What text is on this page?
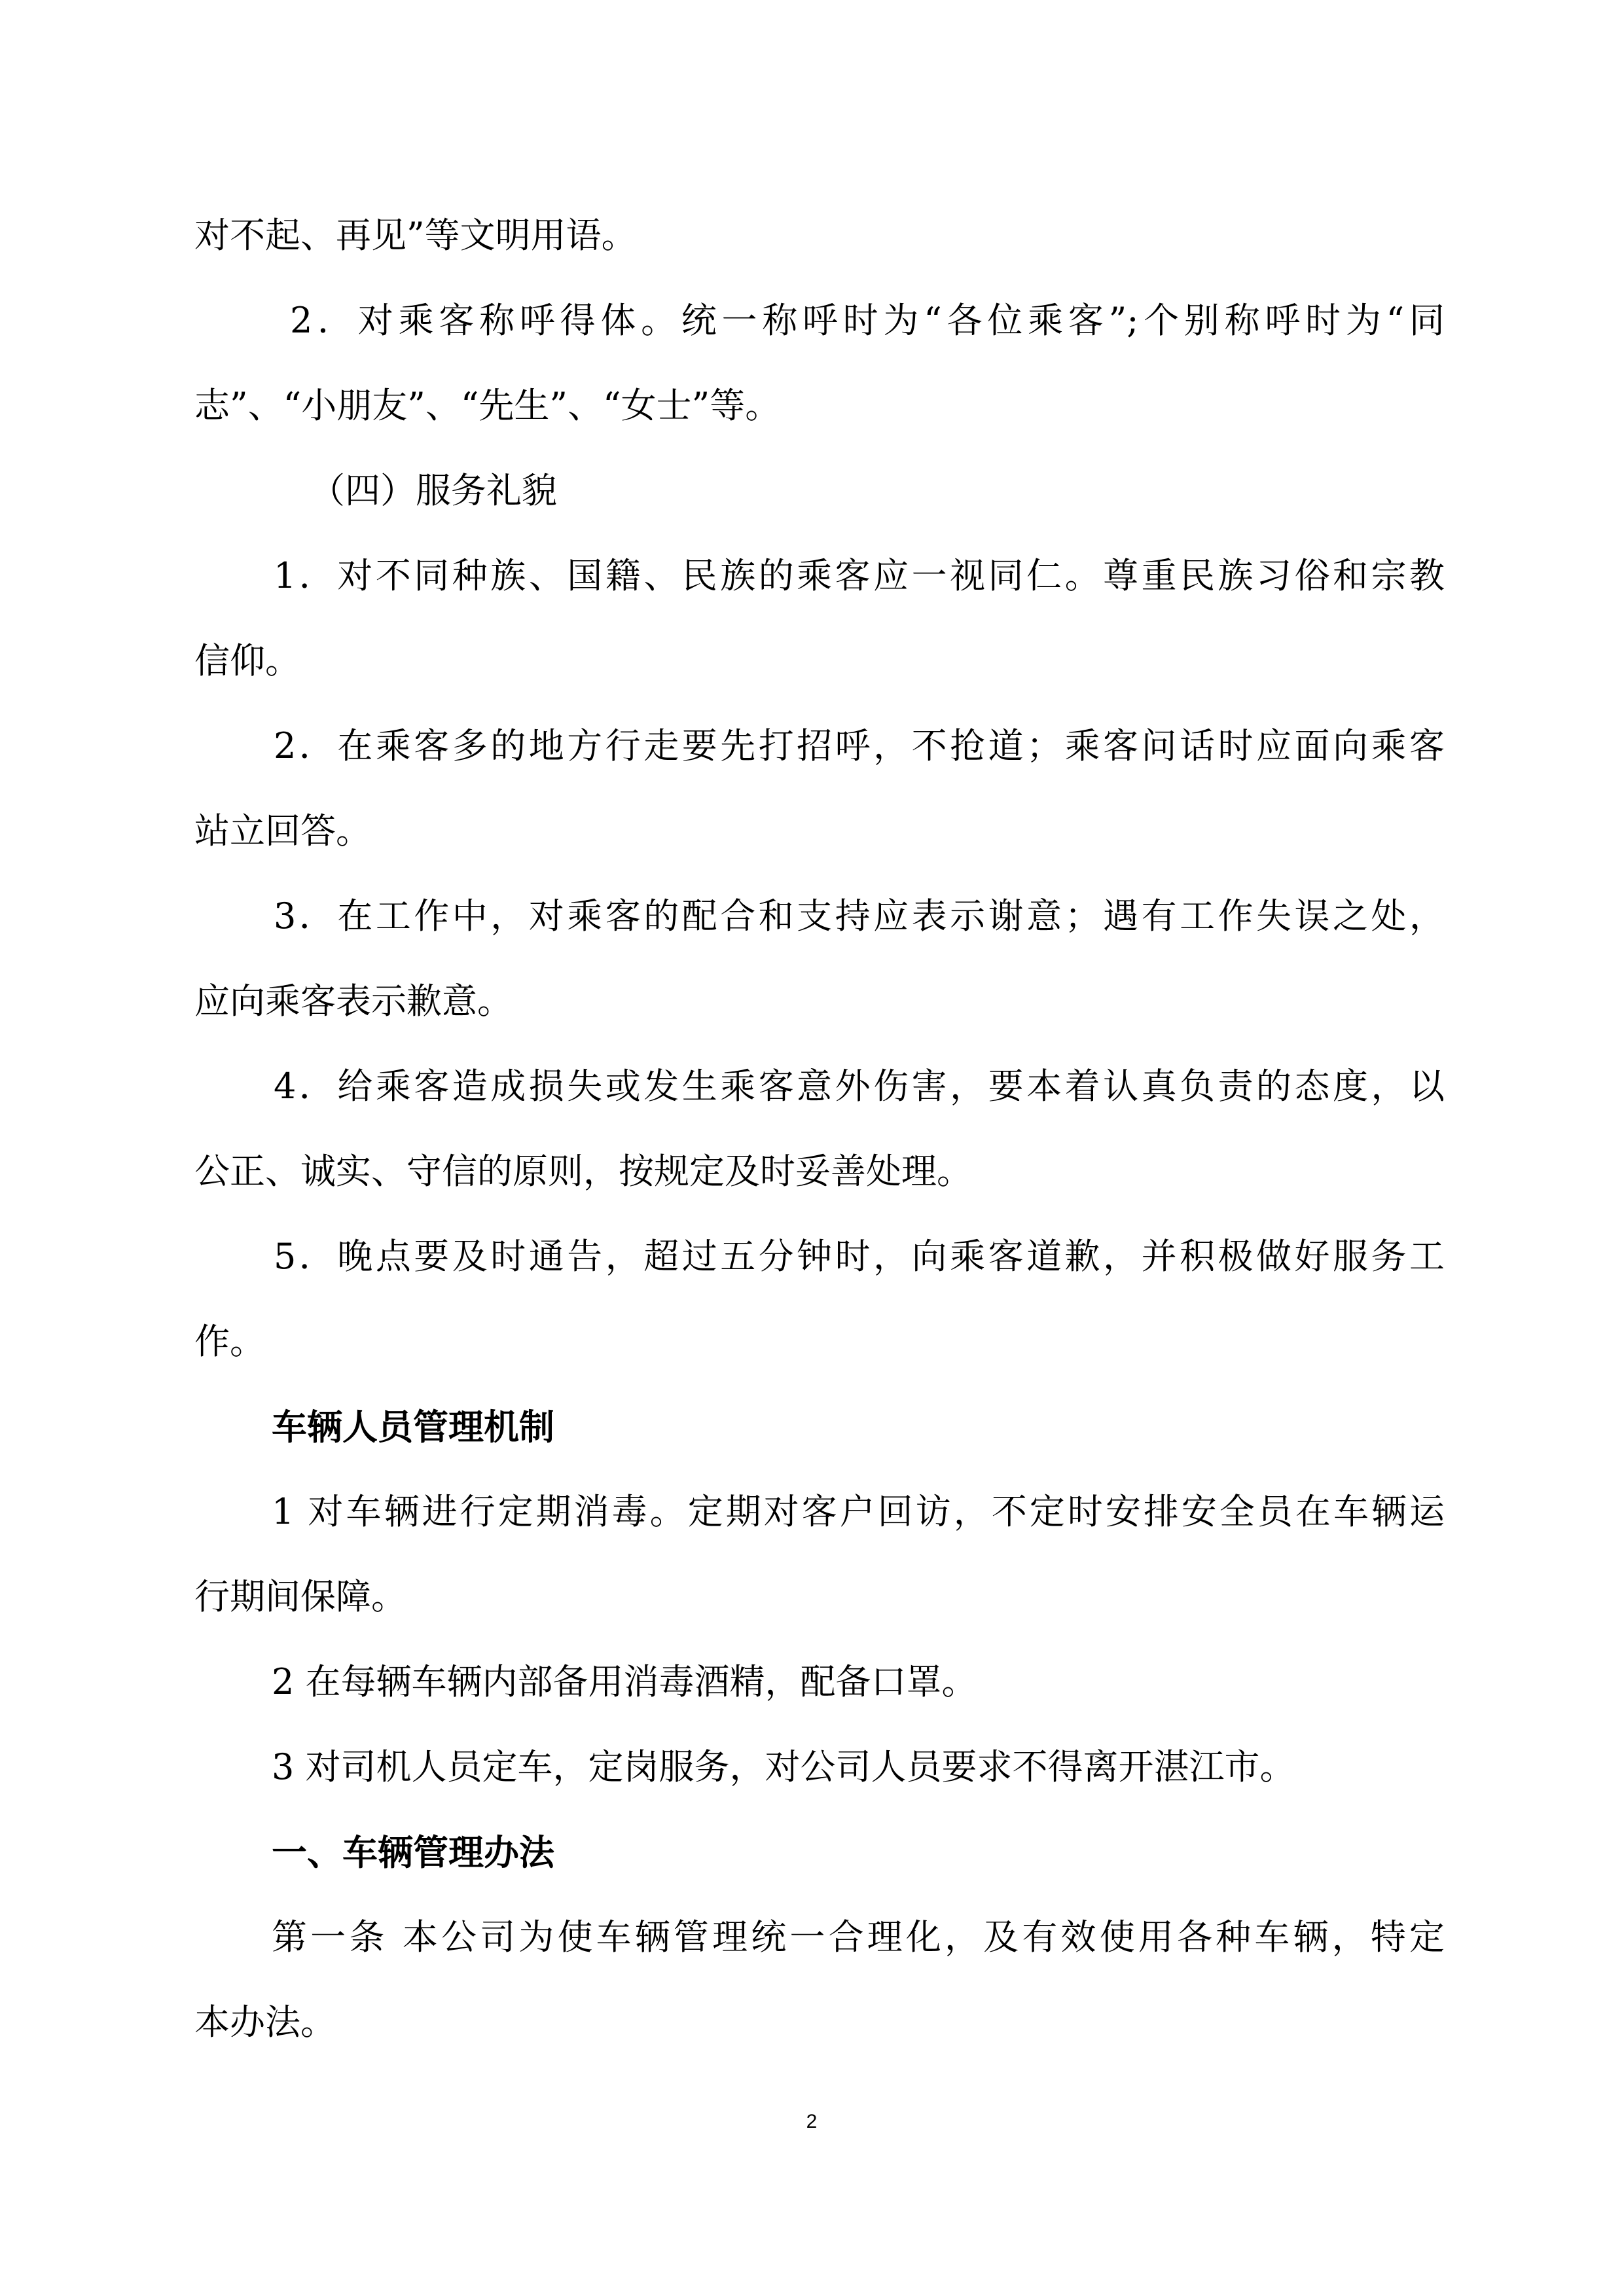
对不起、再见”等文明用语。
2．对乘客称呼得体。统一称呼时为“各位乘客”;个别称呼时为“同
志”、“小朋友”、“先生”、“女士”等。
（四）服务礼貌
1．对不同种族、国籍、民族的乘客应一视同仁。尊重民族习俗和宗教
信仰。
2．在乘客多的地方行走要先打招呼，不抢道；乘客问话时应面向乘客
站立回答。
3．在工作中，对乘客的配合和支持应表示谢意；遇有工作失误之处，
应向乘客表示歉意。
4．给乘客造成损失或发生乘客意外伤害，要本着认真负责的态度，以
公正、诚实、守信的原则，按规定及时妥善处理。
5．晚点要及时通告，超过五分钟时，向乘客道歉，并积极做好服务工
作。
车辆人员管理机制
1 对车辆进行定期消毒。定期对客户回访，不定时安排安全员在车辆运
行期间保障。
2 在每辆车辆内部备用消毒酒精，配备口罩。
3 对司机人员定车，定岗服务，对公司人员要求不得离开湛江市。
一、车辆管理办法
第一条 本公司为使车辆管理统一合理化，及有效使用各种车辆，特定
本办法。
2
